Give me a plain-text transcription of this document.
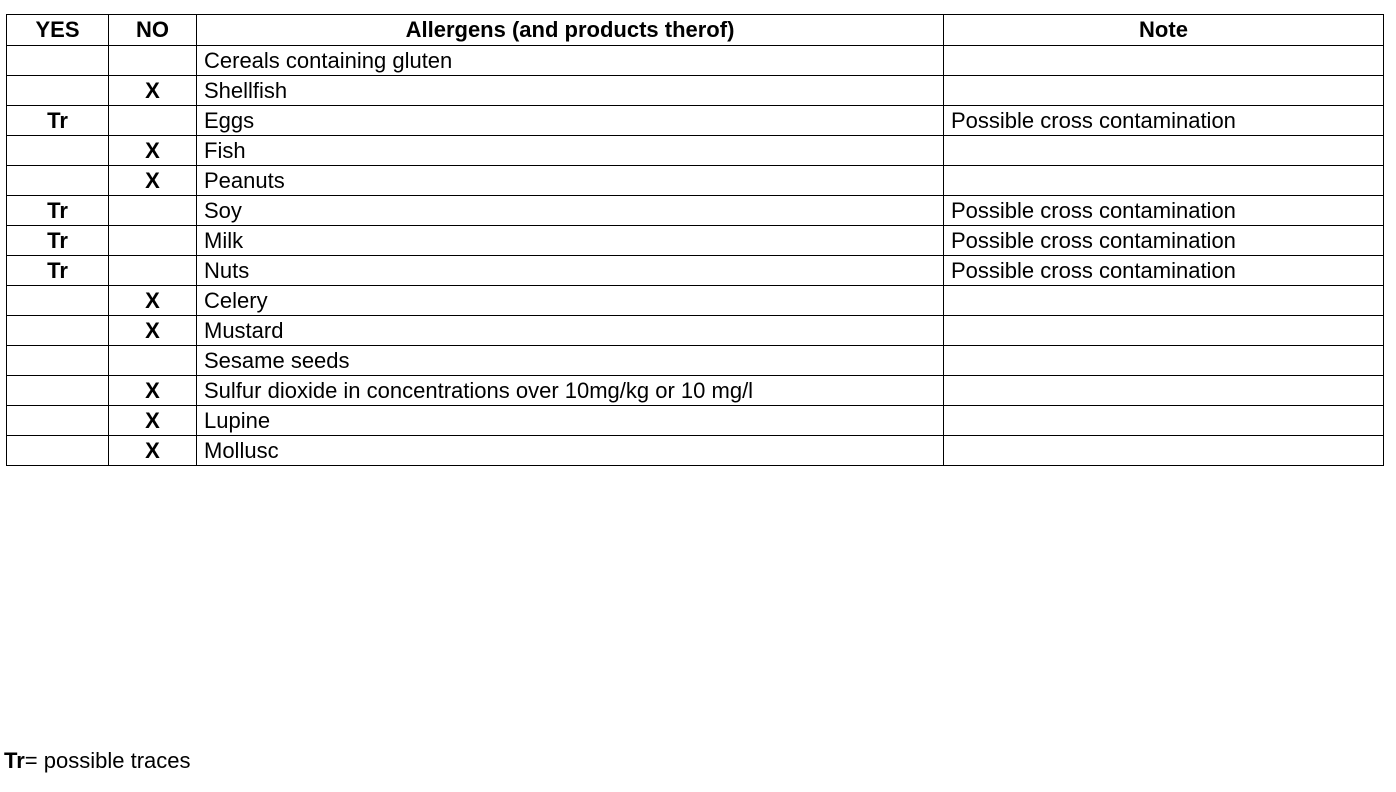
YES	NO	Allergens (and products therof)	Note
		Cereals containing gluten	
	X	Shellfish	
Tr		Eggs	Possible cross contamination
	X	Fish	
	X	Peanuts	
Tr		Soy	Possible cross contamination
Tr		Milk	Possible cross contamination
Tr		Nuts	Possible cross contamination
	X	Celery	
	X	Mustard	
		Sesame seeds	
	X	Sulfur dioxide in concentrations over 10mg/kg or 10 mg/l	
	X	Lupine	
	X	Mollusc	
Tr= possible traces
